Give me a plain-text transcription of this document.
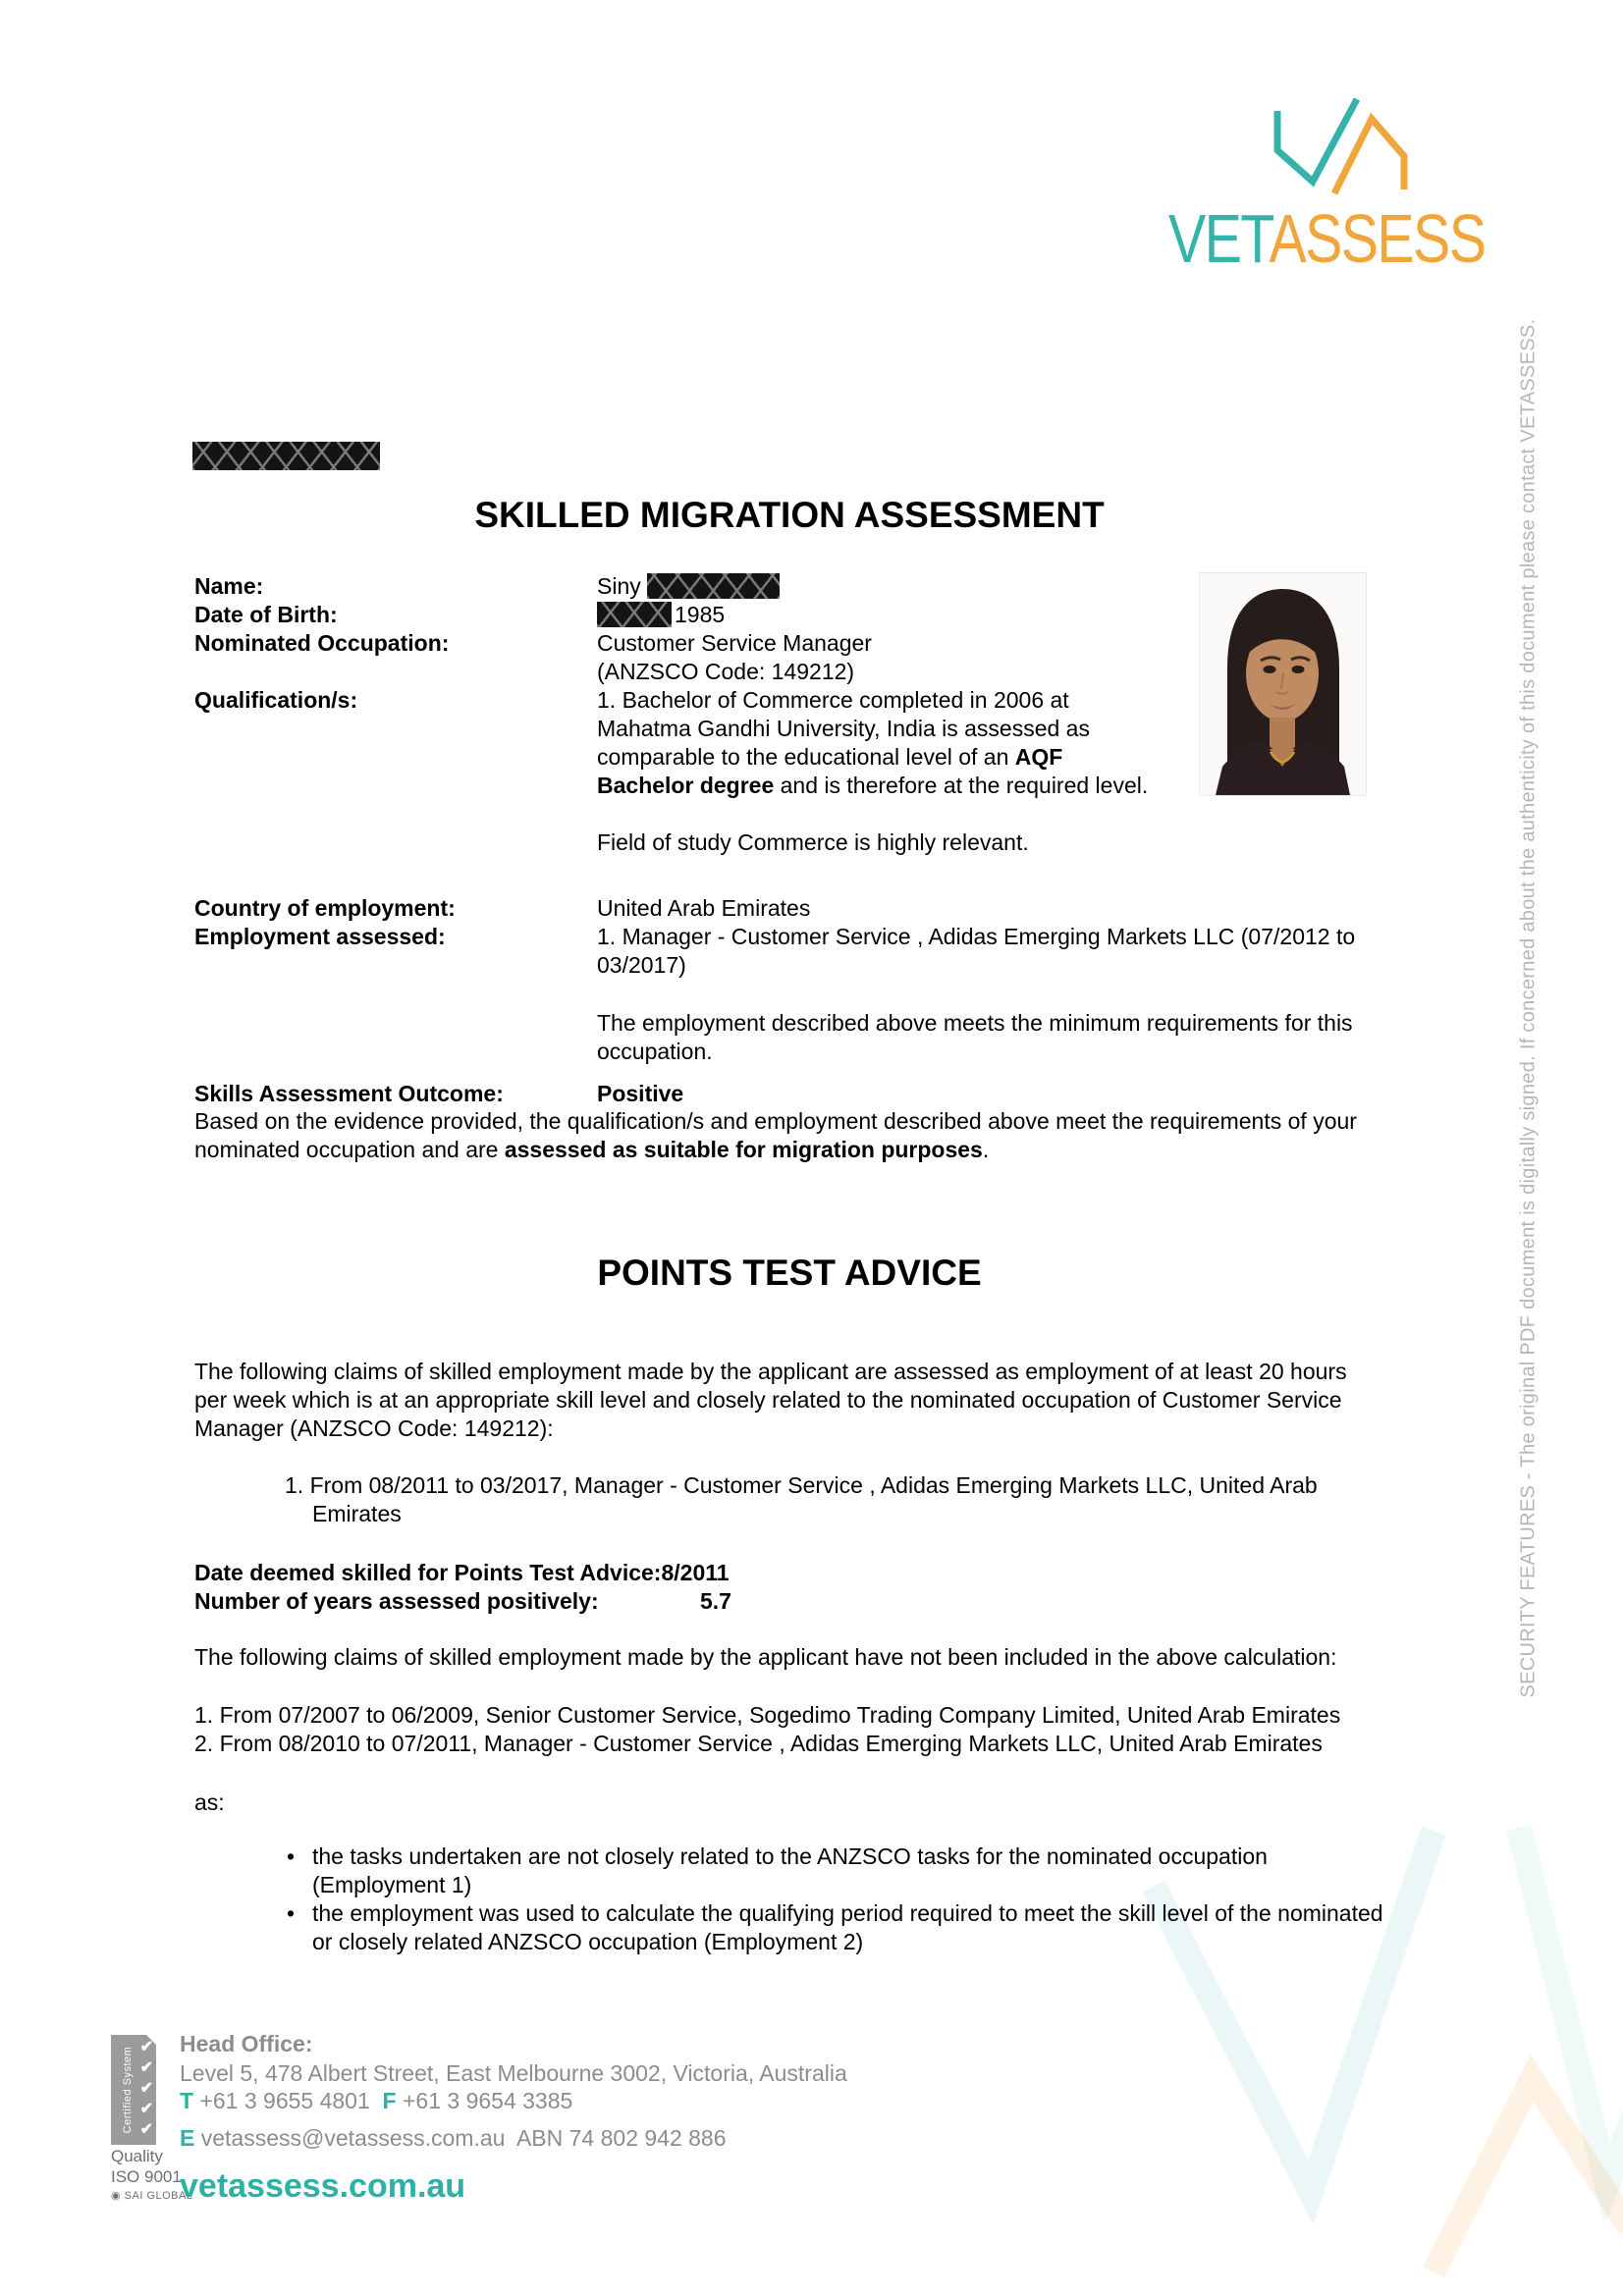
VETASSESS
SKILLED MIGRATION ASSESSMENT
Name:	Siny
Date of Birth:	1985
Nominated Occupation:	Customer Service Manager
(ANZSCO Code: 149212)
Qualification/s:	1. Bachelor of Commerce completed in 2006 at
Mahatma Gandhi University, India is assessed as
comparable to the educational level of an AQF
Bachelor degree and is therefore at the required level.
Field of study Commerce is highly relevant.
Country of employment:	United Arab Emirates
Employment assessed:	1. Manager - Customer Service , Adidas Emerging Markets LLC (07/2012 to
03/2017)
The employment described above meets the minimum requirements for this
occupation.
Skills Assessment Outcome:	Positive
Based on the evidence provided, the qualification/s and employment described above meet the requirements of your
nominated occupation and are assessed as suitable for migration purposes.
POINTS TEST ADVICE
The following claims of skilled employment made by the applicant are assessed as employment of at least 20 hours
per week which is at an appropriate skill level and closely related to the nominated occupation of Customer Service
Manager (ANZSCO Code: 149212):
1. From 08/2011 to 03/2017, Manager - Customer Service , Adidas Emerging Markets LLC, United Arab
Emirates
Date deemed skilled for Points Test Advice:8/2011
Number of years assessed positively:	5.7
The following claims of skilled employment made by the applicant have not been included in the above calculation:
1. From 07/2007 to 06/2009, Senior Customer Service, Sogedimo Trading Company Limited, United Arab Emirates
2. From 08/2010 to 07/2011, Manager - Customer Service , Adidas Emerging Markets LLC, United Arab Emirates
as:
• the tasks undertaken are not closely related to the ANZSCO tasks for the nominated occupation
(Employment 1)
• the employment was used to calculate the qualifying period required to meet the skill level of the nominated
or closely related ANZSCO occupation (Employment 2)
SECURITY FEATURES - The original PDF document is digitally signed. If concerned about the authenticity of this document please contact VETASSESS.
Certified System ✔
✔
✔
✔
✔
Quality
ISO 9001
◉ SAI GLOBAL
Head Office:
Level 5, 478 Albert Street, East Melbourne 3002, Victoria, Australia
T +61 3 9655 4801 F +61 3 9654 3385
E vetassess@vetassess.com.au ABN 74 802 942 886
vetassess.com.au
